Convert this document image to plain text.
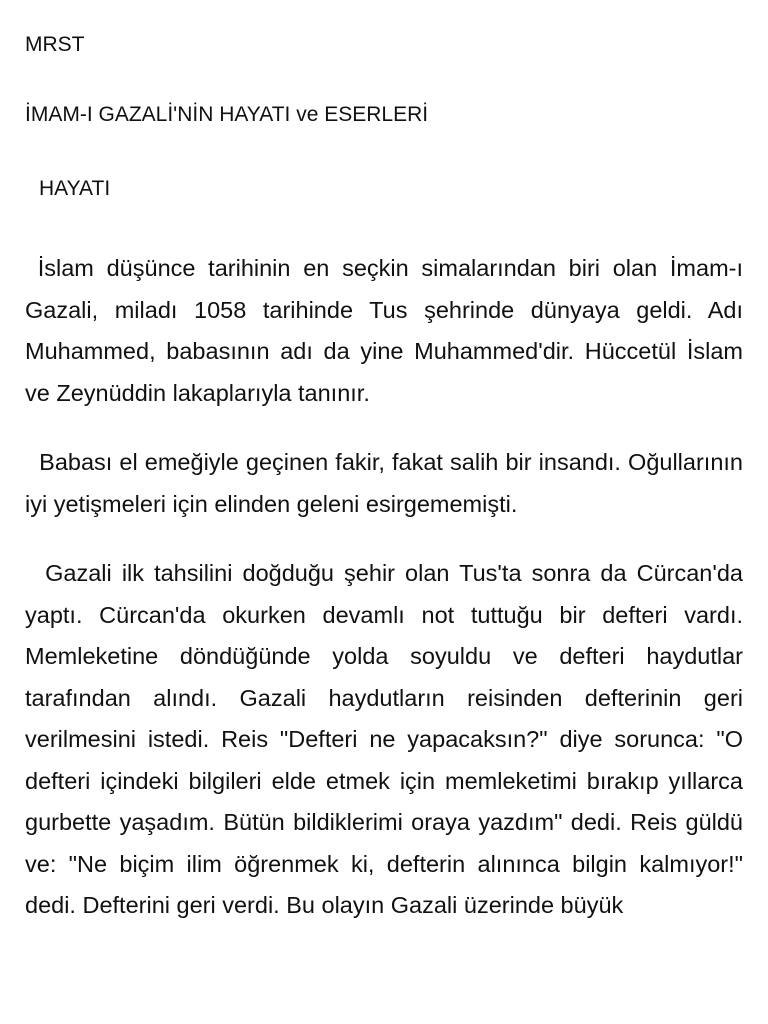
MRST
İMAM-I GAZALİ'NİN HAYATI ve ESERLERİ
HAYATI

İslam düşünce tarihinin en seçkin simalarından biri olan İmam-ı Gazali, miladı 1058 tarihinde Tus şehrinde dünyaya geldi. Adı Muhammed, babasının adı da yine Muhammed'dir. Hüccetül İslam ve Zeynüddin lakaplarıyla tanınır.

Babası el emeğiyle geçinen fakir, fakat salih bir insandı. Oğullarının iyi yetişmeleri için elinden geleni esirgememişti.

Gazali ilk tahsilini doğduğu şehir olan Tus'ta sonra da Cürcan'da yaptı. Cürcan'da okurken devamlı not tuttuğu bir defteri vardı. Memleketine döndüğünde yolda soyuldu ve defteri haydutlar tarafından alındı. Gazali haydutların reisinden defterinin geri verilmesini istedi. Reis "Defteri ne yapacaksın?" diye sorunca: "O defteri içindeki bilgileri elde etmek için memleketimi bırakıp yıllarca gurbette yaşadım. Bütün bildiklerimi oraya yazdım" dedi. Reis güldü ve: "Ne biçim ilim öğrenmek ki, defterin alınınca bilgin kalmıyor!" dedi. Defterini geri verdi. Bu olayın Gazali üzerinde büyük
